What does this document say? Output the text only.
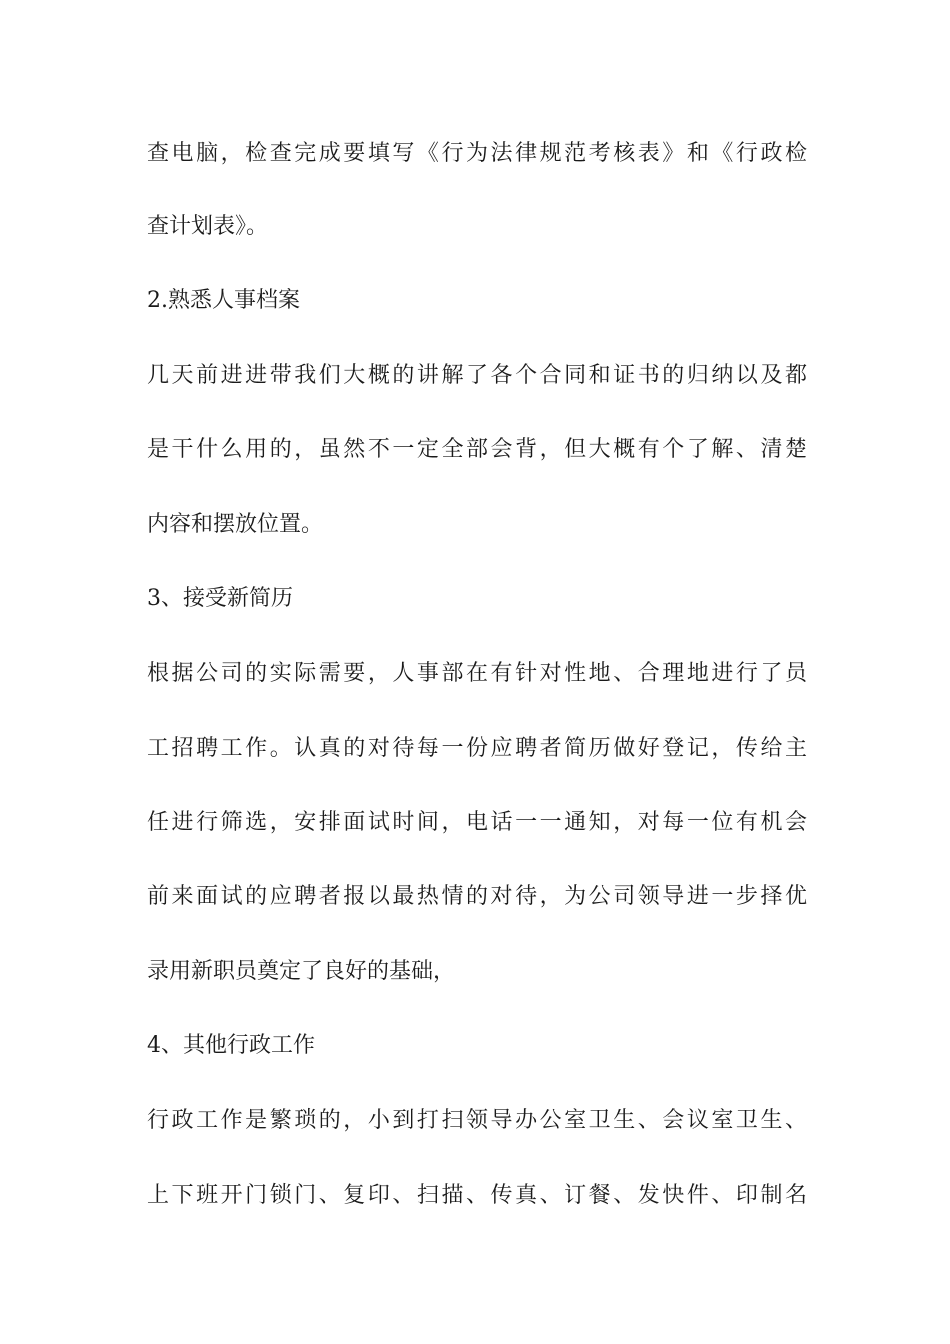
查电脑，检查完成要填写《行为法律规范考核表》和《行政检
查计划表》。
2.熟悉人事档案
几天前进进带我们大概的讲解了各个合同和证书的归纳以及都
是干什么用的，虽然不一定全部会背，但大概有个了解、清楚
内容和摆放位置。
3、接受新简历
根据公司的实际需要，人事部在有针对性地、合理地进行了员
工招聘工作。认真的对待每一份应聘者简历做好登记，传给主
任进行筛选，安排面试时间，电话一一通知，对每一位有机会
前来面试的应聘者报以最热情的对待，为公司领导进一步择优
录用新职员奠定了良好的基础，
4、其他行政工作
行政工作是繁琐的，小到打扫领导办公室卫生、会议室卫生、
上下班开门锁门、复印、扫描、传真、订餐、发快件、印制名
